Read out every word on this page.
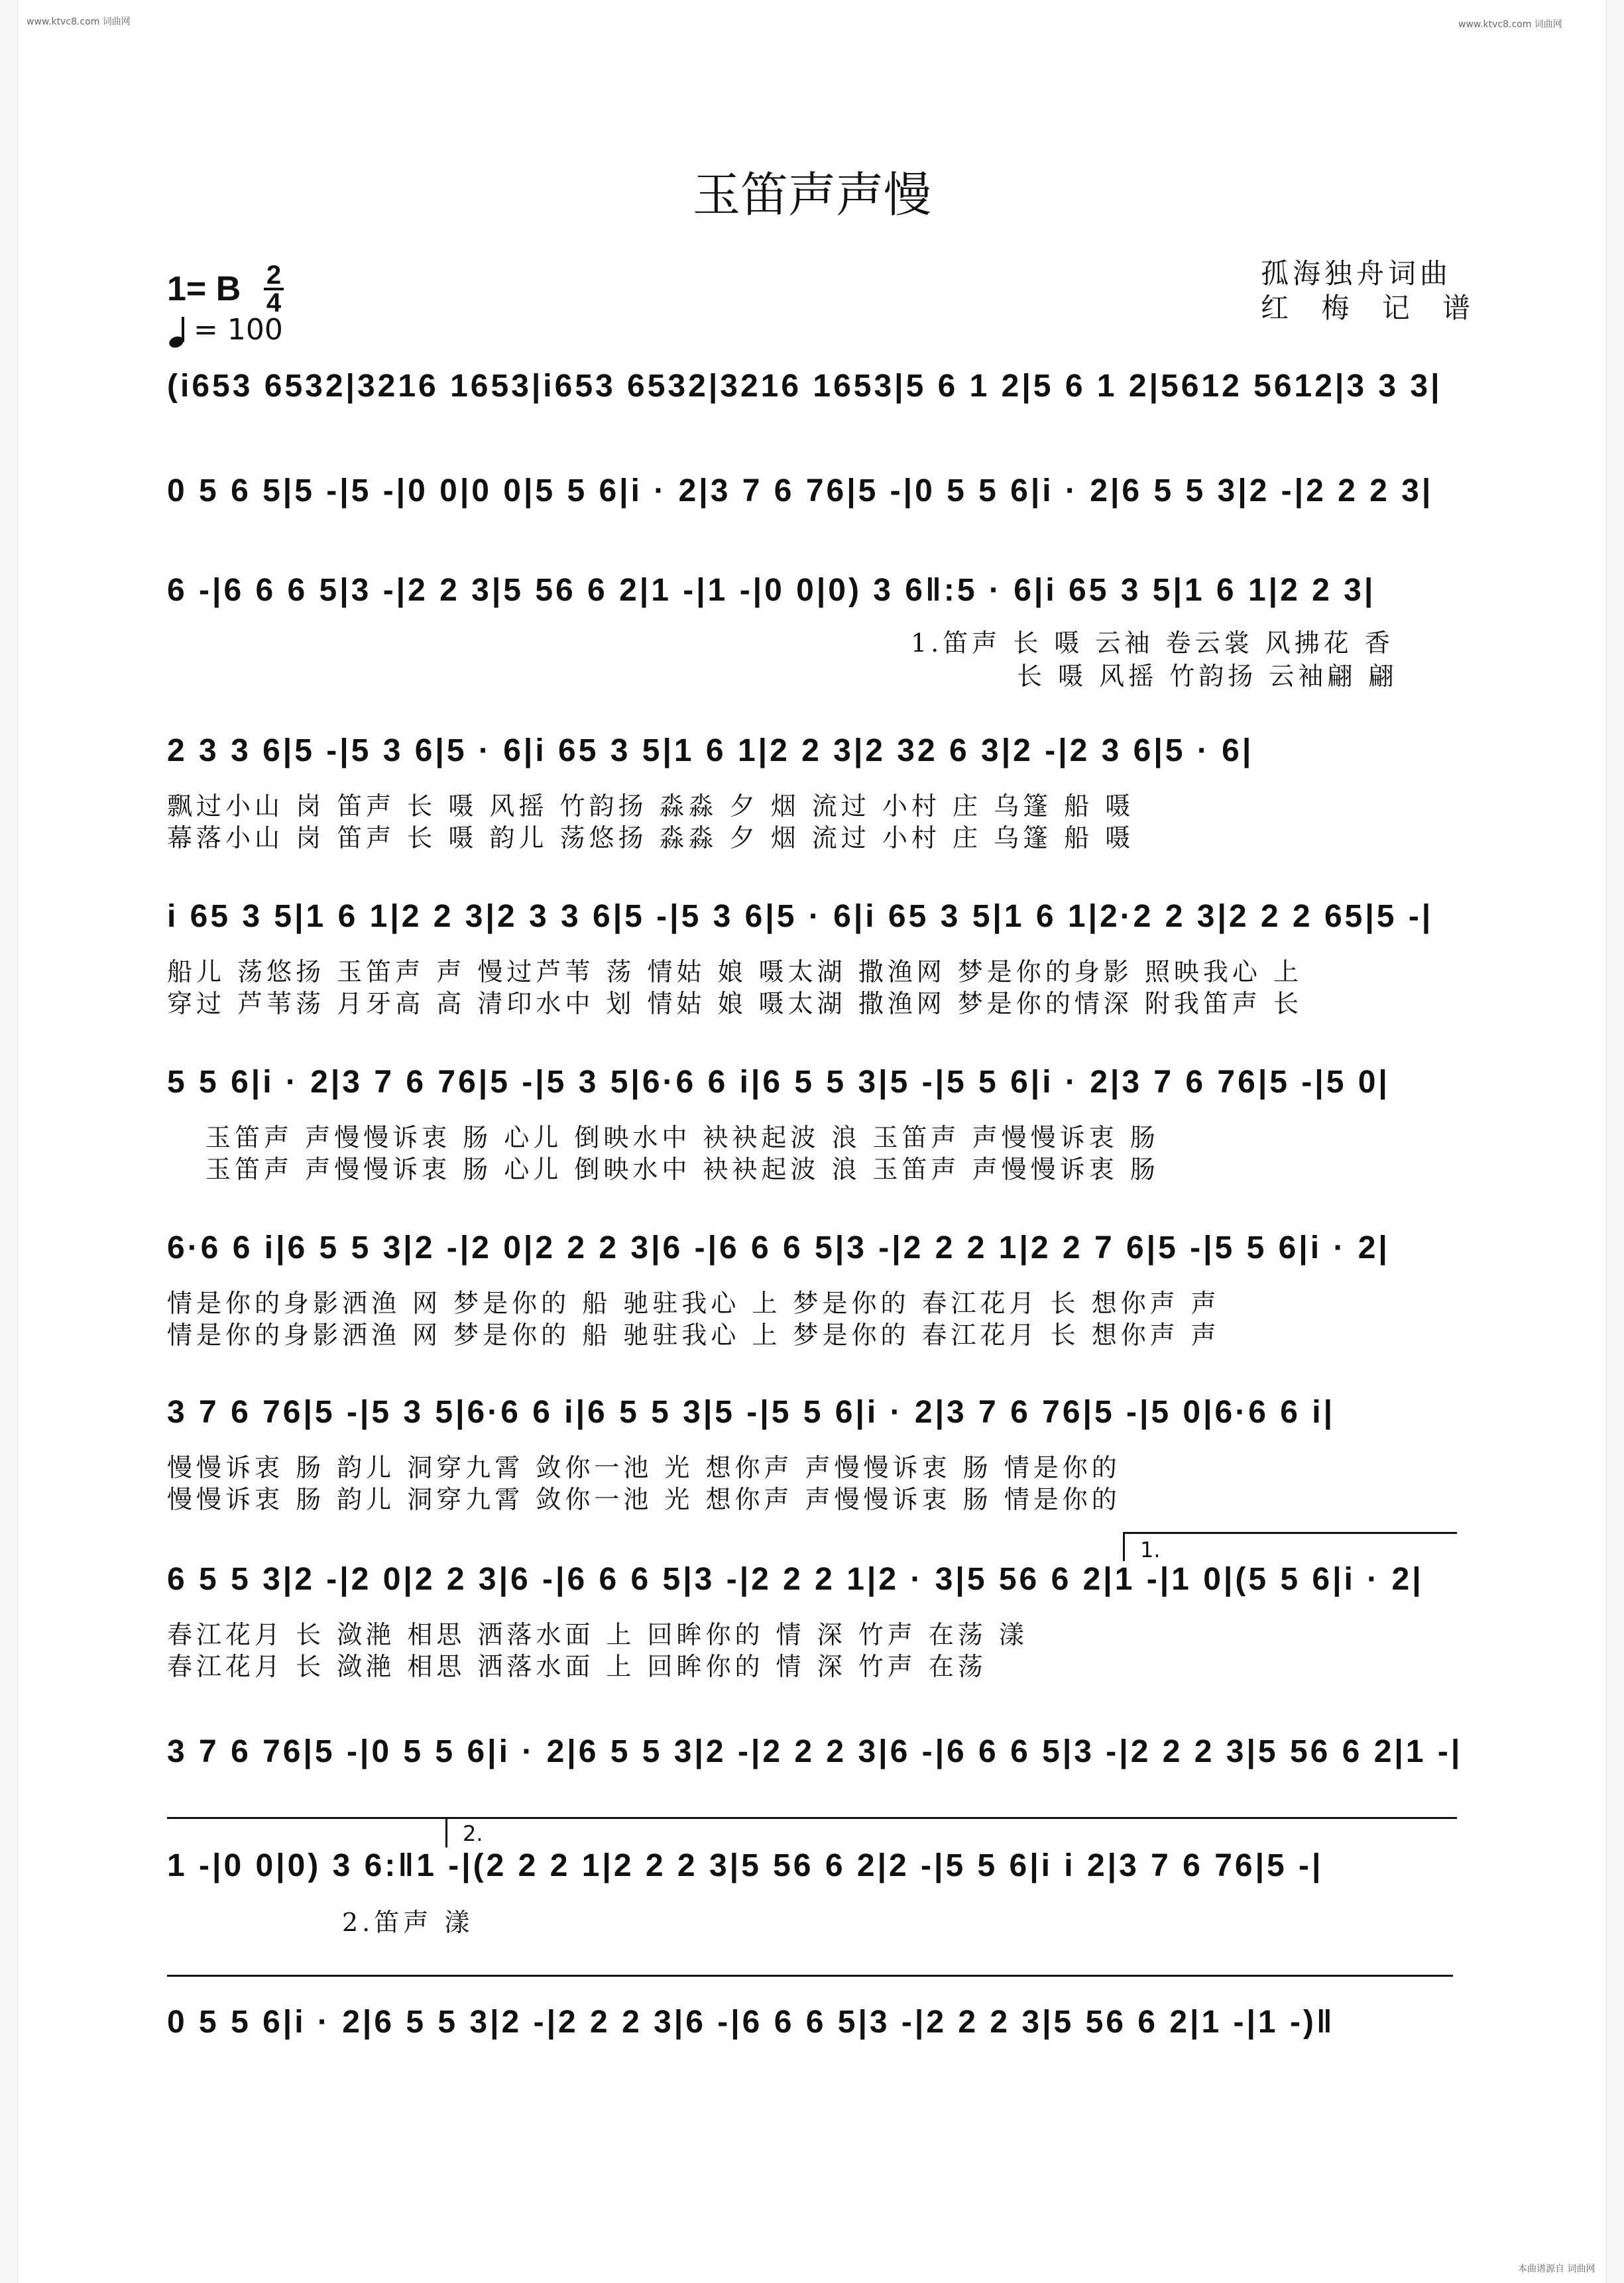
www.ktvc8.com 词曲网	www.ktvc8.com 词曲网
玉笛声声慢
孤海独舟词曲
红 梅 记 谱
1= B 2
4
= 100
(i653 6532|3216 1653|i653 6532|3216 1653|5 6 1 2|5 6 1 2|5612 5612|3 3 3|
0 5 6 5|5 -|5 -|0 0|0 0|5 5 6|i · 2|3 7 6 76|5 -|0 5 5 6|i · 2|6 5 5 3|2 -|2 2 2 3|
6 -|6 6 6 5|3 -|2 2 3|5 56 6 2|1 -|1 -|0 0|0) 3 6‖:5 · 6|i 65 3 5|1 6 1|2 2 3|
1.笛声 长 嗫 云袖 卷云裳 风拂花 香
长 嗫 风摇 竹韵扬 云袖翩 翩
2 3 3 6|5 -|5 3 6|5 · 6|i 65 3 5|1 6 1|2 2 3|2 32 6 3|2 -|2 3 6|5 · 6|
飘过小山 岗 笛声 长 嗫 风摇 竹韵扬 淼淼 夕 烟 流过 小村 庄 乌篷 船 嗫
幕落小山 岗 笛声 长 嗫 韵儿 荡悠扬 淼淼 夕 烟 流过 小村 庄 乌篷 船 嗫
i 65 3 5|1 6 1|2 2 3|2 3 3 6|5 -|5 3 6|5 · 6|i 65 3 5|1 6 1|2·2 2 3|2 2 2 65|5 -|
船儿 荡悠扬 玉笛声 声 慢过芦苇 荡 情姑 娘 嗫太湖 撒渔网 梦是你的身影 照映我心 上
穿过 芦苇荡 月牙高 高 清印水中 划 情姑 娘 嗫太湖 撒渔网 梦是你的情深 附我笛声 长
5 5 6|i · 2|3 7 6 76|5 -|5 3 5|6·6 6 i|6 5 5 3|5 -|5 5 6|i · 2|3 7 6 76|5 -|5 0|
玉笛声 声慢慢诉衷 肠 心儿 倒映水中 袂袂起波 浪 玉笛声 声慢慢诉衷 肠
玉笛声 声慢慢诉衷 肠 心儿 倒映水中 袂袂起波 浪 玉笛声 声慢慢诉衷 肠
6·6 6 i|6 5 5 3|2 -|2 0|2 2 2 3|6 -|6 6 6 5|3 -|2 2 2 1|2 2 7 6|5 -|5 5 6|i · 2|
情是你的身影洒渔 网 梦是你的 船 驰驻我心 上 梦是你的 春江花月 长 想你声 声
情是你的身影洒渔 网 梦是你的 船 驰驻我心 上 梦是你的 春江花月 长 想你声 声
3 7 6 76|5 -|5 3 5|6·6 6 i|6 5 5 3|5 -|5 5 6|i · 2|3 7 6 76|5 -|5 0|6·6 6 i|
慢慢诉衷 肠 韵儿 洞穿九霄 敛你一池 光 想你声 声慢慢诉衷 肠 情是你的
慢慢诉衷 肠 韵儿 洞穿九霄 敛你一池 光 想你声 声慢慢诉衷 肠 情是你的
1.
6 5 5 3|2 -|2 0|2 2 3|6 -|6 6 6 5|3 -|2 2 2 1|2 · 3|5 56 6 2|1 -|1 0|(5 5 6|i · 2|
春江花月 长 潋滟 相思 洒落水面 上 回眸你的 情 深 竹声 在荡 漾
春江花月 长 潋滟 相思 洒落水面 上 回眸你的 情 深 竹声 在荡
3 7 6 76|5 -|0 5 5 6|i · 2|6 5 5 3|2 -|2 2 2 3|6 -|6 6 6 5|3 -|2 2 2 3|5 56 6 2|1 -|
2.
1 -|0 0|0) 3 6:‖1 -|(2 2 2 1|2 2 2 3|5 56 6 2|2 -|5 5 6|i i 2|3 7 6 76|5 -|
2.笛声 漾
0 5 5 6|i · 2|6 5 5 3|2 -|2 2 2 3|6 -|6 6 6 5|3 -|2 2 2 3|5 56 6 2|1 -|1 -)‖
本曲谱源自 词曲网
